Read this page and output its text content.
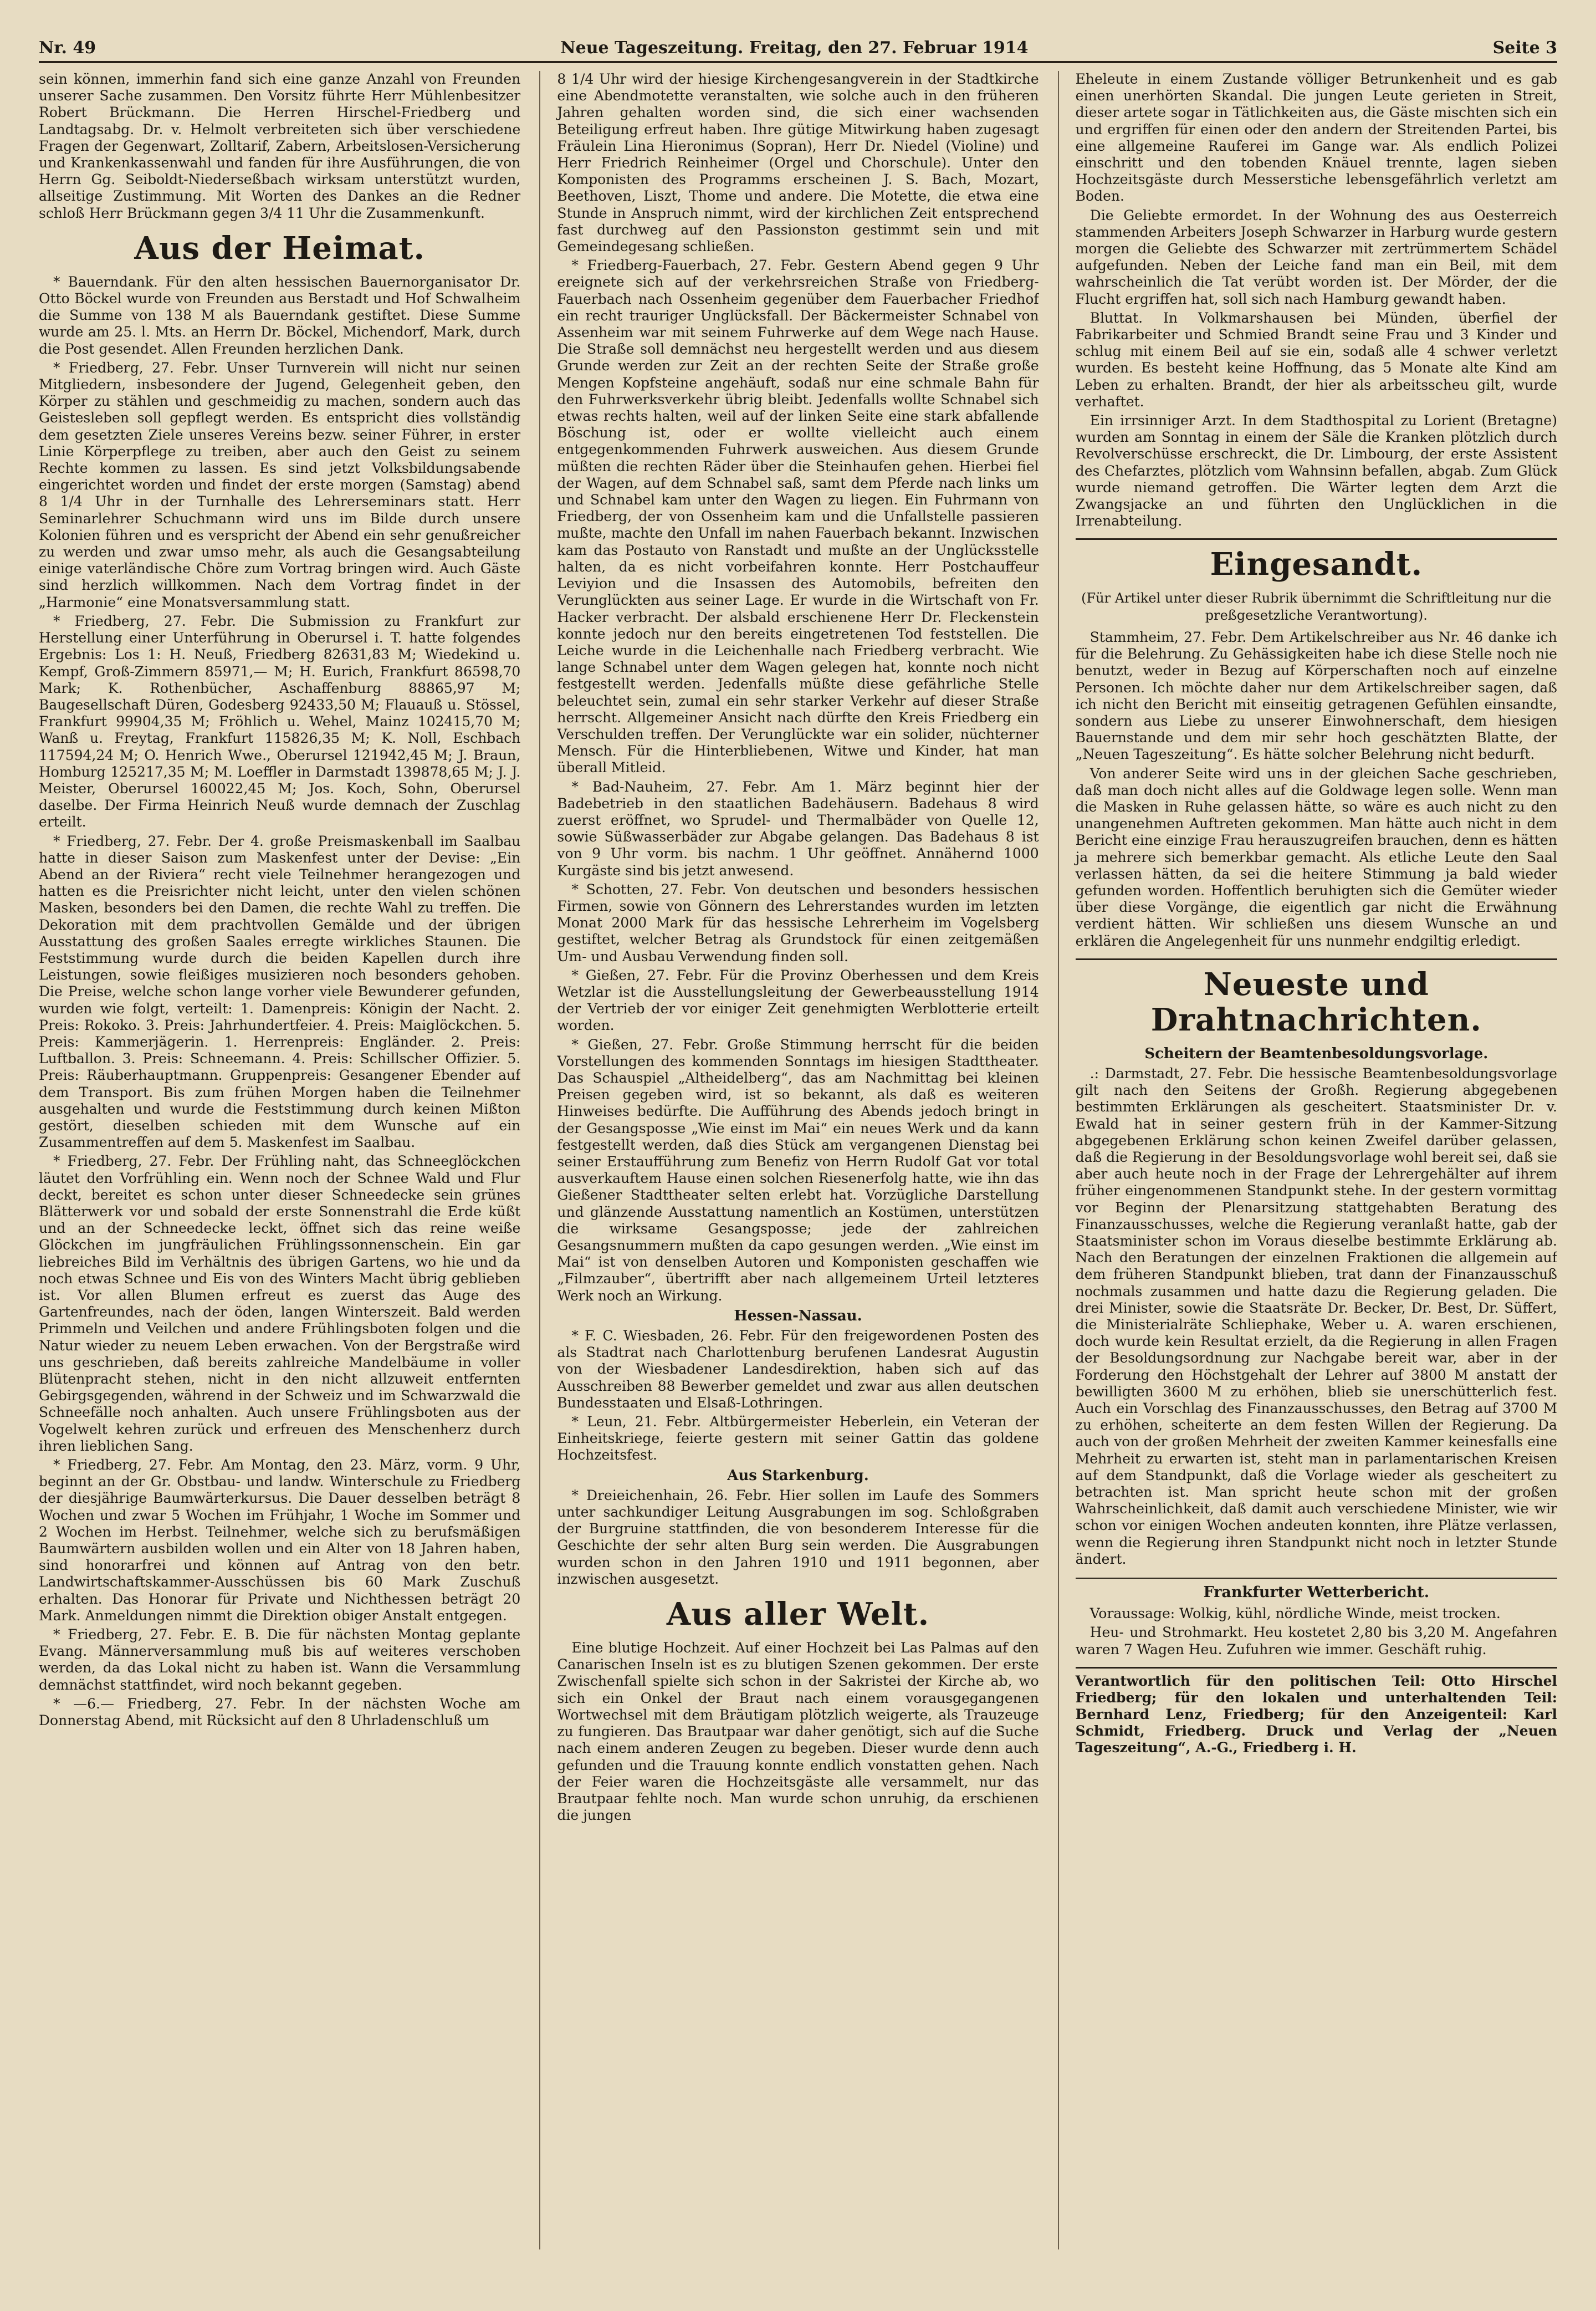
Nr. 49	Neue Tageszeitung. Freitag, den 27. Februar 1914	Seite 3

sein können, immerhin fand sich eine ganze Anzahl von Freunden unserer Sache zusammen. Den Vorsitz führte Herr Mühlenbesitzer Robert Brückmann. Die Herren Hirschel-Friedberg und Landtagsabg. Dr. v. Helmolt verbreiteten sich über verschiedene Fragen der Gegenwart, Zolltarif, Zabern, Arbeitslosen-Versicherung und Krankenkassenwahl und fanden für ihre Ausführungen, die von Herrn Gg. Seiboldt-Niederseßbach wirksam unterstützt wurden, allseitige Zustimmung. Mit Worten des Dankes an die Redner schloß Herr Brückmann gegen 3/4 11 Uhr die Zusammenkunft.

Aus der Heimat.

* Bauerndank. Für den alten hessischen Bauernorganisator Dr. Otto Böckel wurde von Freunden aus Berstadt und Hof Schwalheim die Summe von 138 M als Bauerndank gestiftet. Diese Summe wurde am 25. l. Mts. an Herrn Dr. Böckel, Michendorf, Mark, durch die Post gesendet. Allen Freunden herzlichen Dank.

* Friedberg, 27. Febr. Unser Turnverein will nicht nur seinen Mitgliedern, insbesondere der Jugend, Gelegenheit geben, den Körper zu stählen und geschmeidig zu machen, sondern auch das Geistesleben soll gepflegt werden. Es entspricht dies vollständig dem gesetzten Ziele unseres Vereins bezw. seiner Führer, in erster Linie Körperpflege zu treiben, aber auch den Geist zu seinem Rechte kommen zu lassen. Es sind jetzt Volksbildungsabende eingerichtet worden und findet der erste morgen (Samstag) abend 8 1/4 Uhr in der Turnhalle des Lehrerseminars statt. Herr Seminarlehrer Schuchmann wird uns im Bilde durch unsere Kolonien führen und es verspricht der Abend ein sehr genußreicher zu werden und zwar umso mehr, als auch die Gesangsabteilung einige vaterländische Chöre zum Vortrag bringen wird. Auch Gäste sind herzlich willkommen. Nach dem Vortrag findet in der „Harmonie“ eine Monatsversammlung statt.

* Friedberg, 27. Febr. Die Submission zu Frankfurt zur Herstellung einer Unterführung in Oberursel i. T. hatte folgendes Ergebnis: Los 1: H. Neuß, Friedberg 82631,83 M; Wiedekind u. Kempf, Groß-Zimmern 85971,— M; H. Eurich, Frankfurt 86598,70 Mark; K. Rothenbücher, Aschaffenburg 88865,97 M; Baugesellschaft Düren, Godesberg 92433,50 M; Flauauß u. Stössel, Frankfurt 99904,35 M; Fröhlich u. Wehel, Mainz 102415,70 M; Wanß u. Freytag, Frankfurt 115826,35 M; K. Noll, Eschbach 117594,24 M; O. Henrich Wwe., Oberursel 121942,45 M; J. Braun, Homburg 125217,35 M; M. Loeffler in Darmstadt 139878,65 M; J. J. Meister, Oberursel 160022,45 M; Jos. Koch, Sohn, Oberursel daselbe. Der Firma Heinrich Neuß wurde demnach der Zuschlag erteilt.

* Friedberg, 27. Febr. Der 4. große Preismaskenball im Saalbau hatte in dieser Saison zum Maskenfest unter der Devise: „Ein Abend an der Riviera“ recht viele Teilnehmer herangezogen und hatten es die Preisrichter nicht leicht, unter den vielen schönen Masken, besonders bei den Damen, die rechte Wahl zu treffen. Die Dekoration mit dem prachtvollen Gemälde und der übrigen Ausstattung des großen Saales erregte wirkliches Staunen. Die Feststimmung wurde durch die beiden Kapellen durch ihre Leistungen, sowie fleißiges musizieren noch besonders gehoben. Die Preise, welche schon lange vorher viele Bewunderer gefunden, wurden wie folgt, verteilt: 1. Damenpreis: Königin der Nacht. 2. Preis: Rokoko. 3. Preis: Jahrhundertfeier. 4. Preis: Maiglöckchen. 5. Preis: Kammerjägerin. 1. Herrenpreis: Engländer. 2. Preis: Luftballon. 3. Preis: Schneemann. 4. Preis: Schillscher Offizier. 5. Preis: Räuberhauptmann. Gruppenpreis: Gesangener Ebender auf dem Transport. Bis zum frühen Morgen haben die Teilnehmer ausgehalten und wurde die Feststimmung durch keinen Mißton gestört, dieselben schieden mit dem Wunsche auf ein Zusammentreffen auf dem 5. Maskenfest im Saalbau.

* Friedberg, 27. Febr. Der Frühling naht, das Schneeglöckchen läutet den Vorfrühling ein. Wenn noch der Schnee Wald und Flur deckt, bereitet es schon unter dieser Schneedecke sein grünes Blätterwerk vor und sobald der erste Sonnenstrahl die Erde küßt und an der Schneedecke leckt, öffnet sich das reine weiße Glöckchen im jungfräulichen Frühlingssonnenschein. Ein gar liebreiches Bild im Verhältnis des übrigen Gartens, wo hie und da noch etwas Schnee und Eis von des Winters Macht übrig geblieben ist. Vor allen Blumen erfreut es zuerst das Auge des Gartenfreundes, nach der öden, langen Winterszeit. Bald werden Primmeln und Veilchen und andere Frühlingsboten folgen und die Natur wieder zu neuem Leben erwachen. Von der Bergstraße wird uns geschrieben, daß bereits zahlreiche Mandelbäume in voller Blütenpracht stehen, nicht in den nicht allzuweit entfernten Gebirgsgegenden, während in der Schweiz und im Schwarzwald die Schneefälle noch anhalten. Auch unsere Frühlingsboten aus der Vogelwelt kehren zurück und erfreuen des Menschenherz durch ihren lieblichen Sang.

* Friedberg, 27. Febr. Am Montag, den 23. März, vorm. 9 Uhr, beginnt an der Gr. Obstbau- und landw. Winterschule zu Friedberg der diesjährige Baumwärterkursus. Die Dauer desselben beträgt 8 Wochen und zwar 5 Wochen im Frühjahr, 1 Woche im Sommer und 2 Wochen im Herbst. Teilnehmer, welche sich zu berufsmäßigen Baumwärtern ausbilden wollen und ein Alter von 18 Jahren haben, sind honorarfrei und können auf Antrag von den betr. Landwirtschaftskammer-Ausschüssen bis 60 Mark Zuschuß erhalten. Das Honorar für Private und Nichthessen beträgt 20 Mark. Anmeldungen nimmt die Direktion obiger Anstalt entgegen.

* Friedberg, 27. Febr. E. B. Die für nächsten Montag geplante Evang. Männerversammlung muß bis auf weiteres verschoben werden, da das Lokal nicht zu haben ist. Wann die Versammlung demnächst stattfindet, wird noch bekannt gegeben.

* —6.— Friedberg, 27. Febr. In der nächsten Woche am Donnerstag Abend, mit Rücksicht auf den 8 Uhrladenschluß um

8 1/4 Uhr wird der hiesige Kirchengesangverein in der Stadtkirche eine Abendmotette veranstalten, wie solche auch in den früheren Jahren gehalten worden sind, die sich einer wachsenden Beteiligung erfreut haben. Ihre gütige Mitwirkung haben zugesagt Fräulein Lina Hieronimus (Sopran), Herr Dr. Niedel (Violine) und Herr Friedrich Reinheimer (Orgel und Chorschule). Unter den Komponisten des Programms erscheinen J. S. Bach, Mozart, Beethoven, Liszt, Thome und andere. Die Motette, die etwa eine Stunde in Anspruch nimmt, wird der kirchlichen Zeit entsprechend fast durchweg auf den Passionston gestimmt sein und mit Gemeindegesang schließen.

* Friedberg-Fauerbach, 27. Febr. Gestern Abend gegen 9 Uhr ereignete sich auf der verkehrsreichen Straße von Friedberg-Fauerbach nach Ossenheim gegenüber dem Fauerbacher Friedhof ein recht trauriger Unglücksfall. Der Bäckermeister Schnabel von Assenheim war mit seinem Fuhrwerke auf dem Wege nach Hause. Die Straße soll demnächst neu hergestellt werden und aus diesem Grunde werden zur Zeit an der rechten Seite der Straße große Mengen Kopfsteine angehäuft, sodaß nur eine schmale Bahn für den Fuhrwerksverkehr übrig bleibt. Jedenfalls wollte Schnabel sich etwas rechts halten, weil auf der linken Seite eine stark abfallende Böschung ist, oder er wollte vielleicht auch einem entgegenkommenden Fuhrwerk ausweichen. Aus diesem Grunde müßten die rechten Räder über die Steinhaufen gehen. Hierbei fiel der Wagen, auf dem Schnabel saß, samt dem Pferde nach links um und Schnabel kam unter den Wagen zu liegen. Ein Fuhrmann von Friedberg, der von Ossenheim kam und die Unfallstelle passieren mußte, machte den Unfall im nahen Fauerbach bekannt. Inzwischen kam das Postauto von Ranstadt und mußte an der Unglücksstelle halten, da es nicht vorbeifahren konnte. Herr Postchauffeur Leviyion und die Insassen des Automobils, befreiten den Verunglückten aus seiner Lage. Er wurde in die Wirtschaft von Fr. Hacker verbracht. Der alsbald erschienene Herr Dr. Fleckenstein konnte jedoch nur den bereits eingetretenen Tod feststellen. Die Leiche wurde in die Leichenhalle nach Friedberg verbracht. Wie lange Schnabel unter dem Wagen gelegen hat, konnte noch nicht festgestellt werden. Jedenfalls müßte diese gefährliche Stelle beleuchtet sein, zumal ein sehr starker Verkehr auf dieser Straße herrscht. Allgemeiner Ansicht nach dürfte den Kreis Friedberg ein Verschulden treffen. Der Verunglückte war ein solider, nüchterner Mensch. Für die Hinterbliebenen, Witwe und Kinder, hat man überall Mitleid.

* Bad-Nauheim, 27. Febr. Am 1. März beginnt hier der Badebetrieb in den staatlichen Badehäusern. Badehaus 8 wird zuerst eröffnet, wo Sprudel- und Thermalbäder von Quelle 12, sowie Süßwasserbäder zur Abgabe gelangen. Das Badehaus 8 ist von 9 Uhr vorm. bis nachm. 1 Uhr geöffnet. Annähernd 1000 Kurgäste sind bis jetzt anwesend.

* Schotten, 27. Febr. Von deutschen und besonders hessischen Firmen, sowie von Gönnern des Lehrerstandes wurden im letzten Monat 2000 Mark für das hessische Lehrerheim im Vogelsberg gestiftet, welcher Betrag als Grundstock für einen zeitgemäßen Um- und Ausbau Verwendung finden soll.

* Gießen, 27. Febr. Für die Provinz Oberhessen und dem Kreis Wetzlar ist die Ausstellungsleitung der Gewerbeausstellung 1914 der Vertrieb der vor einiger Zeit genehmigten Werblotterie erteilt worden.

* Gießen, 27. Febr. Große Stimmung herrscht für die beiden Vorstellungen des kommenden Sonntags im hiesigen Stadttheater. Das Schauspiel „Altheidelberg“, das am Nachmittag bei kleinen Preisen gegeben wird, ist so bekannt, als daß es weiteren Hinweises bedürfte. Die Aufführung des Abends jedoch bringt in der Gesangsposse „Wie einst im Mai“ ein neues Werk und da kann festgestellt werden, daß dies Stück am vergangenen Dienstag bei seiner Erstaufführung zum Benefiz von Herrn Rudolf Gat vor total ausverkauftem Hause einen solchen Riesenerfolg hatte, wie ihn das Gießener Stadttheater selten erlebt hat. Vorzügliche Darstellung und glänzende Ausstattung namentlich an Kostümen, unterstützen die wirksame Gesangsposse; jede der zahlreichen Gesangsnummern mußten da capo gesungen werden. „Wie einst im Mai“ ist von denselben Autoren und Komponisten geschaffen wie „Filmzauber“, übertrifft aber nach allgemeinem Urteil letzteres Werk noch an Wirkung.

Hessen-Nassau.

* F. C. Wiesbaden, 26. Febr. Für den freigewordenen Posten des als Stadtrat nach Charlottenburg berufenen Landesrat Augustin von der Wiesbadener Landesdirektion, haben sich auf das Ausschreiben 88 Bewerber gemeldet und zwar aus allen deutschen Bundesstaaten und Elsaß-Lothringen.

* Leun, 21. Febr. Altbürgermeister Heberlein, ein Veteran der Einheitskriege, feierte gestern mit seiner Gattin das goldene Hochzeitsfest.

Aus Starkenburg.

* Dreieichenhain, 26. Febr. Hier sollen im Laufe des Sommers unter sachkundiger Leitung Ausgrabungen im sog. Schloßgraben der Burgruine stattfinden, die von besonderem Interesse für die Geschichte der sehr alten Burg sein werden. Die Ausgrabungen wurden schon in den Jahren 1910 und 1911 begonnen, aber inzwischen ausgesetzt.

Aus aller Welt.

Eine blutige Hochzeit. Auf einer Hochzeit bei Las Palmas auf den Canarischen Inseln ist es zu blutigen Szenen gekommen. Der erste Zwischenfall spielte sich schon in der Sakristei der Kirche ab, wo sich ein Onkel der Braut nach einem vorausgegangenen Wortwechsel mit dem Bräutigam plötzlich weigerte, als Trauzeuge zu fungieren. Das Brautpaar war daher genötigt, sich auf die Suche nach einem anderen Zeugen zu begeben. Dieser wurde denn auch gefunden und die Trauung konnte endlich vonstatten gehen. Nach der Feier waren die Hochzeitsgäste alle versammelt, nur das Brautpaar fehlte noch. Man wurde schon unruhig, da erschienen die jungen

Eheleute in einem Zustande völliger Betrunkenheit und es gab einen unerhörten Skandal. Die jungen Leute gerieten in Streit, dieser artete sogar in Tätlichkeiten aus, die Gäste mischten sich ein und ergriffen für einen oder den andern der Streitenden Partei, bis eine allgemeine Rauferei im Gange war. Als endlich Polizei einschritt und den tobenden Knäuel trennte, lagen sieben Hochzeitsgäste durch Messerstiche lebensgefährlich verletzt am Boden.

Die Geliebte ermordet. In der Wohnung des aus Oesterreich stammenden Arbeiters Joseph Schwarzer in Harburg wurde gestern morgen die Geliebte des Schwarzer mit zertrümmertem Schädel aufgefunden. Neben der Leiche fand man ein Beil, mit dem wahrscheinlich die Tat verübt worden ist. Der Mörder, der die Flucht ergriffen hat, soll sich nach Hamburg gewandt haben.

Bluttat. In Volkmarshausen bei Münden, überfiel der Fabrikarbeiter und Schmied Brandt seine Frau und 3 Kinder und schlug mit einem Beil auf sie ein, sodaß alle 4 schwer verletzt wurden. Es besteht keine Hoffnung, das 5 Monate alte Kind am Leben zu erhalten. Brandt, der hier als arbeitsscheu gilt, wurde verhaftet.

Ein irrsinniger Arzt. In dem Stadthospital zu Lorient (Bretagne) wurden am Sonntag in einem der Säle die Kranken plötzlich durch Revolverschüsse erschreckt, die Dr. Limbourg, der erste Assistent des Chefarztes, plötzlich vom Wahnsinn befallen, abgab. Zum Glück wurde niemand getroffen. Die Wärter legten dem Arzt die Zwangsjacke an und führten den Unglücklichen in die Irrenabteilung.

Eingesandt.
(Für Artikel unter dieser Rubrik übernimmt die Schriftleitung nur die preßgesetzliche Verantwortung).

Stammheim, 27. Febr. Dem Artikelschreiber aus Nr. 46 danke ich für die Belehrung. Zu Gehässigkeiten habe ich diese Stelle noch nie benutzt, weder in Bezug auf Körperschaften noch auf einzelne Personen. Ich möchte daher nur dem Artikelschreiber sagen, daß ich nicht den Bericht mit einseitig getragenen Gefühlen einsandte, sondern aus Liebe zu unserer Einwohnerschaft, dem hiesigen Bauernstande und dem mir sehr hoch geschätzten Blatte, der „Neuen Tageszeitung“. Es hätte solcher Belehrung nicht bedurft.

Von anderer Seite wird uns in der gleichen Sache geschrieben, daß man doch nicht alles auf die Goldwage legen solle. Wenn man die Masken in Ruhe gelassen hätte, so wäre es auch nicht zu den unangenehmen Auftreten gekommen. Man hätte auch nicht in dem Bericht eine einzige Frau herauszugreifen brauchen, denn es hätten ja mehrere sich bemerkbar gemacht. Als etliche Leute den Saal verlassen hätten, da sei die heitere Stimmung ja bald wieder gefunden worden. Hoffentlich beruhigten sich die Gemüter wieder über diese Vorgänge, die eigentlich gar nicht die Erwähnung verdient hätten. Wir schließen uns diesem Wunsche an und erklären die Angelegenheit für uns nunmehr endgiltig erledigt.

Neueste und Drahtnachrichten.
Scheitern der Beamtenbesoldungsvorlage.

.: Darmstadt, 27. Febr. Die hessische Beamtenbesoldungsvorlage gilt nach den Seitens der Großh. Regierung abgegebenen bestimmten Erklärungen als gescheitert. Staatsminister Dr. v. Ewald hat in seiner gestern früh in der Kammer-Sitzung abgegebenen Erklärung schon keinen Zweifel darüber gelassen, daß die Regierung in der Besoldungsvorlage wohl bereit sei, daß sie aber auch heute noch in der Frage der Lehrergehälter auf ihrem früher eingenommenen Standpunkt stehe. In der gestern vormittag vor Beginn der Plenarsitzung stattgehabten Beratung des Finanzausschusses, welche die Regierung veranlaßt hatte, gab der Staatsminister schon im Voraus dieselbe bestimmte Erklärung ab. Nach den Beratungen der einzelnen Fraktionen die allgemein auf dem früheren Standpunkt blieben, trat dann der Finanzausschuß nochmals zusammen und hatte dazu die Regierung geladen. Die drei Minister, sowie die Staatsräte Dr. Becker, Dr. Best, Dr. Süffert, die Ministerialräte Schliephake, Weber u. A. waren erschienen, doch wurde kein Resultat erzielt, da die Regierung in allen Fragen der Besoldungsordnung zur Nachgabe bereit war, aber in der Forderung den Höchstgehalt der Lehrer auf 3800 M anstatt der bewilligten 3600 M zu erhöhen, blieb sie unerschütterlich fest. Auch ein Vorschlag des Finanzausschusses, den Betrag auf 3700 M zu erhöhen, scheiterte an dem festen Willen der Regierung. Da auch von der großen Mehrheit der zweiten Kammer keinesfalls eine Mehrheit zu erwarten ist, steht man in parlamentarischen Kreisen auf dem Standpunkt, daß die Vorlage wieder als gescheitert zu betrachten ist. Man spricht heute schon mit der großen Wahrscheinlichkeit, daß damit auch verschiedene Minister, wie wir schon vor einigen Wochen andeuten konnten, ihre Plätze verlassen, wenn die Regierung ihren Standpunkt nicht noch in letzter Stunde ändert.

Frankfurter Wetterbericht.

Voraussage: Wolkig, kühl, nördliche Winde, meist trocken.

Heu- und Strohmarkt. Heu kostetet 2,80 bis 3,20 M. Angefahren waren 7 Wagen Heu. Zufuhren wie immer. Geschäft ruhig.

Verantwortlich für den politischen Teil: Otto Hirschel Friedberg; für den lokalen und unterhaltenden Teil: Bernhard Lenz, Friedberg; für den Anzeigenteil: Karl Schmidt, Friedberg. Druck und Verlag der „Neuen Tageszeitung“, A.-G., Friedberg i. H.
